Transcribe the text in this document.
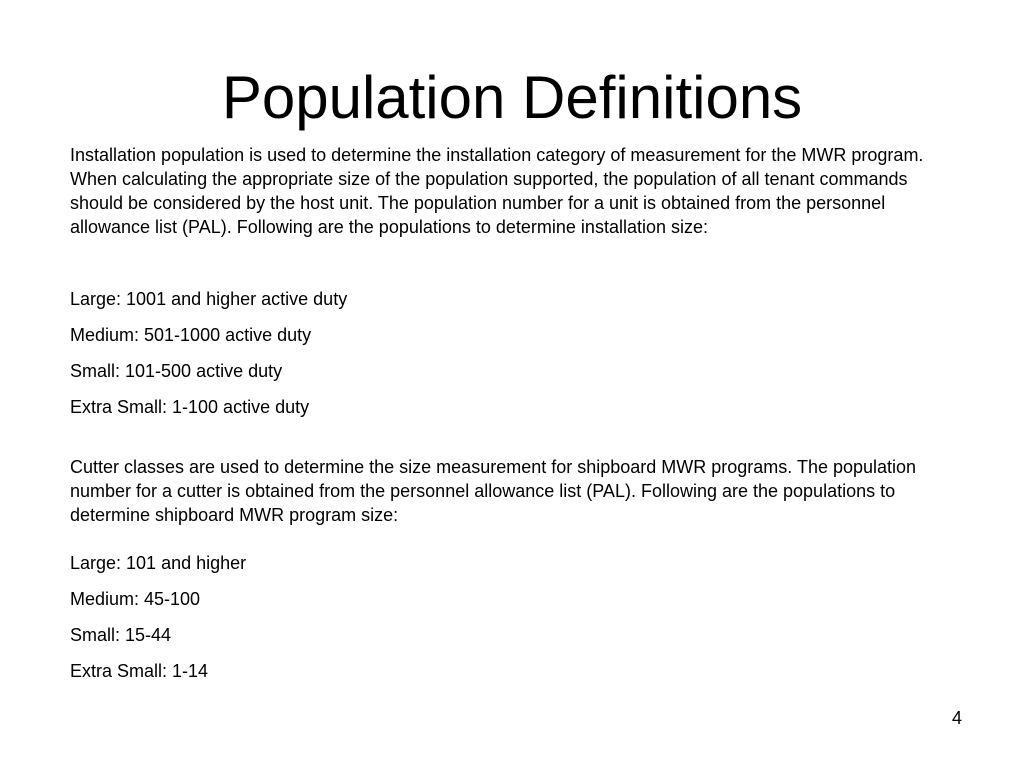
Population Definitions

Installation population is used to determine the installation category of measurement for the MWR program. When calculating the appropriate size of the population supported, the population of all tenant commands should be considered by the host unit. The population number for a unit is obtained from the personnel allowance list (PAL). Following are the populations to determine installation size:

Large: 1001 and higher active duty

Medium: 501-1000 active duty

Small: 101-500 active duty

Extra Small: 1-100 active duty

Cutter classes are used to determine the size measurement for shipboard MWR programs. The population number for a cutter is obtained from the personnel allowance list (PAL). Following are the populations to determine shipboard MWR program size:

Large: 101 and higher

Medium: 45-100

Small: 15-44

Extra Small: 1-14

4
